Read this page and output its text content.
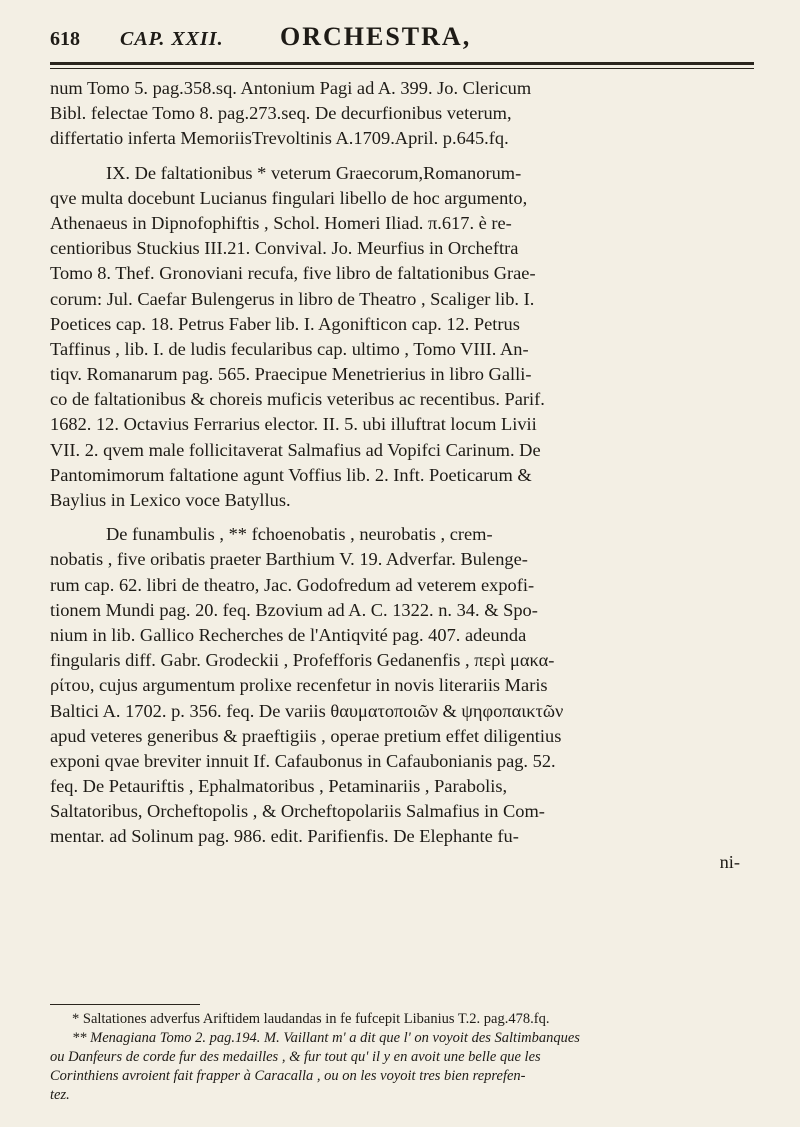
618	CAP. XXII.	ORCHESTRA,
num Tomo 5. pag.358.sq. Antonium Pagi ad A. 399. Jo. Clericum
Bibl. felectae Tomo 8. pag.273.seq. De decurfionibus veterum,
differtatio inferta MemoriisTrevoltinis A.1709.April. p.645.fq.
IX. De faltationibus * veterum Graecorum,Romanorum-
qve multa docebunt Lucianus fingulari libello de hoc argumento,
Athenaeus in Dipnofophiftis , Schol. Homeri Iliad. π.617. è re-
centioribus Stuckius III.21. Convival. Jo. Meurfius in Orcheftra
Tomo 8. Thef. Gronoviani recufa, five libro de faltationibus Grae-
corum: Jul. Caefar Bulengerus in libro de Theatro , Scaliger lib. I.
Poetices cap. 18. Petrus Faber lib. I. Agonifticon cap. 12. Petrus
Taffinus , lib. I. de ludis fecularibus cap. ultimo , Tomo VIII. An-
tiqv. Romanarum pag. 565. Praecipue Menetrierius in libro Galli-
co de faltationibus & choreis muficis veteribus ac recentibus. Parif.
1682. 12. Octavius Ferrarius elector. II. 5. ubi illuftrat locum Livii
VII. 2. qvem male follicitaverat Salmafius ad Vopifci Carinum. De
Pantomimorum faltatione agunt Voffius lib. 2. Inft. Poeticarum &
Baylius in Lexico voce Batyllus.
De funambulis , ** fchoenobatis , neurobatis , crem-
nobatis , five oribatis praeter Barthium V. 19. Adverfar. Bulenge-
rum cap. 62. libri de theatro, Jac. Godofredum ad veterem expofi-
tionem Mundi pag. 20. feq. Bzovium ad A. C. 1322. n. 34. & Spo-
nium in lib. Gallico Recherches de l'Antiqvité pag. 407. adeunda
fingularis diff. Gabr. Grodeckii , Profefforis Gedanenfis , περὶ μακα-
ρίτου, cujus argumentum prolixe recenfetur in novis literariis Maris
Baltici A. 1702. p. 356. feq. De variis θαυματοποιῶν & ψηφοπαικτῶν
apud veteres generibus & praeftigiis , operae pretium effet diligentius
exponi qvae breviter innuit If. Cafaubonus in Cafaubonianis pag. 52.
feq. De Petauriftis , Ephalmatoribus , Petaminariis , Parabolis,
Saltatoribus, Orcheftopolis , & Orcheftopolariis Salmafius in Com-
mentar. ad Solinum pag. 986. edit. Parifienfis. De Elephante fu-
ni-
* Saltationes adverfus Ariftidem laudandas in fe fufcepit Libanius T.2. pag.478.fq.
** Menagiana Tomo 2. pag.194. M. Vaillant m' a dit que l' on voyoit des Saltimbanques
ou Danfeurs de corde fur des medailles , & fur tout qu' il y en avoit une belle que les
Corinthiens avroient fait frapper à Caracalla , ou on les voyoit tres bien reprefen-
tez.
